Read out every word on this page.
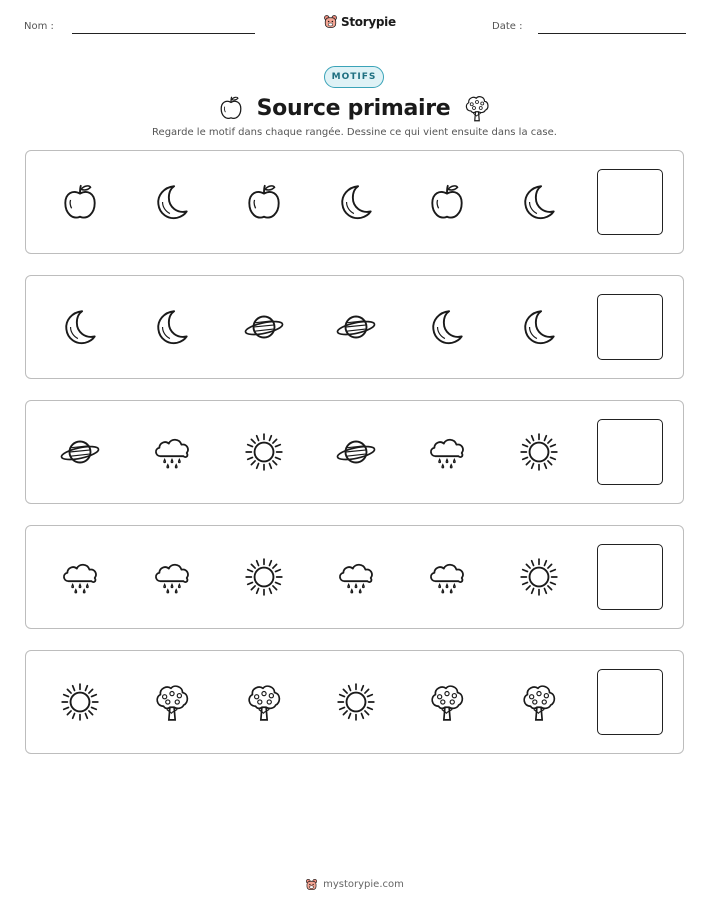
Nom :	Storypie	Date :
MOTIFS
Source primaire
Regarde le motif dans chaque rangée. Dessine ce qui vient ensuite dans la case.
mystorypie.com
